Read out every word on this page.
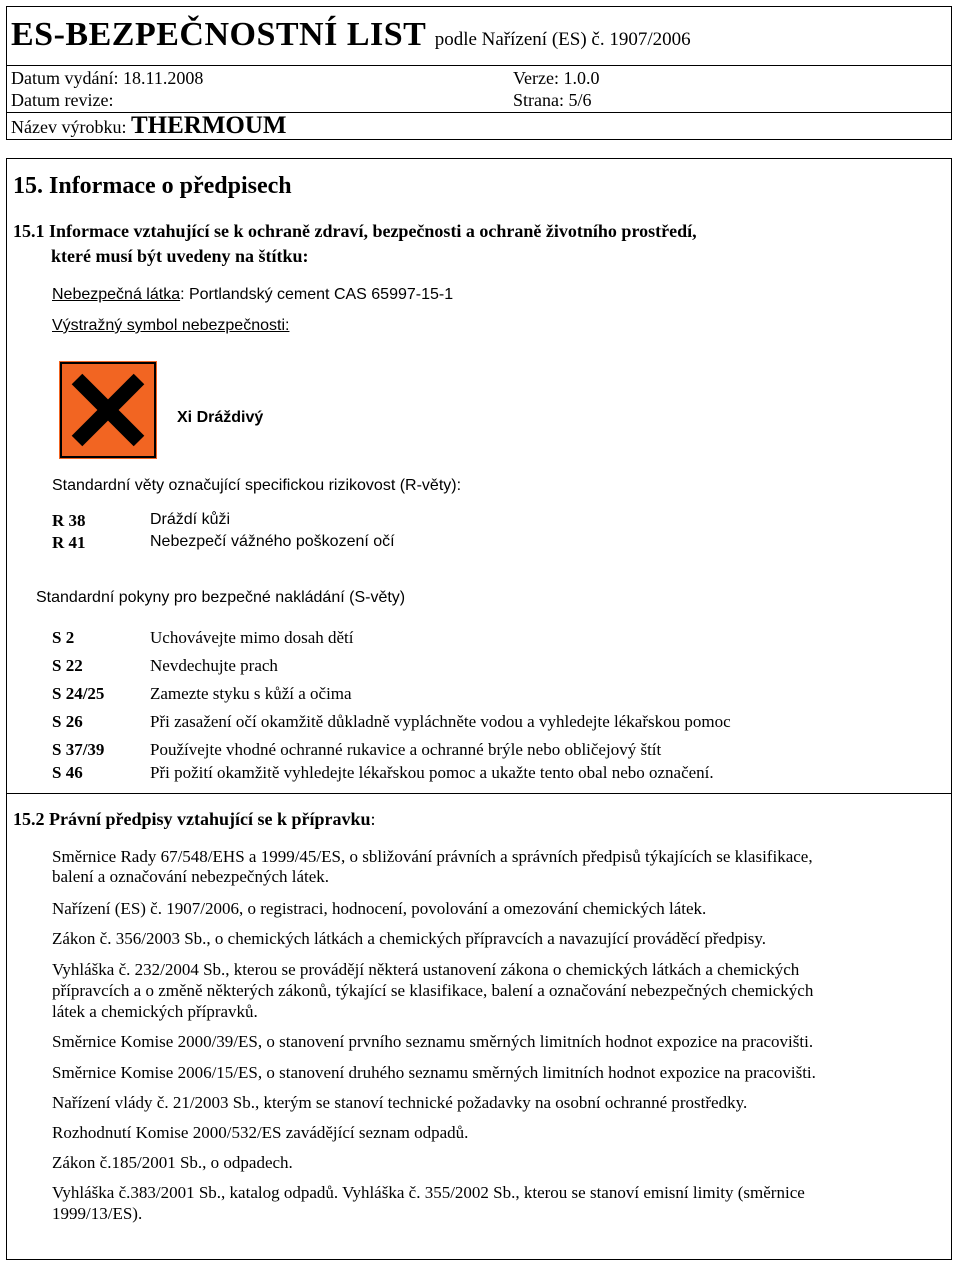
ES-BEZPEČNOSTNÍ LIST podle Nařízení (ES) č. 1907/2006
Datum vydání: 18.11.2008
Datum revize:
Verze: 1.0.0
Strana: 5/6
Název výrobku: THERMOUM
15. Informace o předpisech
15.1 Informace vztahující se k ochraně zdraví, bezpečnosti a ochraně životního prostředí,
které musí být uvedeny na štítku:
Nebezpečná látka: Portlandský cement CAS 65997-15-1
Výstražný symbol nebezpečnosti:
Xi Dráždivý
Standardní věty označující specifickou rizikovost (R-věty):
R 38	Dráždí kůži
R 41	Nebezpečí vážného poškození očí
Standardní pokyny pro bezpečné nakládání (S-věty)
S 2	Uchovávejte mimo dosah dětí
S 22	Nevdechujte prach
S 24/25	Zamezte styku s kůží a očima
S 26	Při zasažení očí okamžitě důkladně vypláchněte vodou a vyhledejte lékařskou pomoc
S 37/39	Používejte vhodné ochranné rukavice a ochranné brýle nebo obličejový štít
S 46	Při požití okamžitě vyhledejte lékařskou pomoc a ukažte tento obal nebo označení.
15.2 Právní předpisy vztahující se k přípravku:
Směrnice Rady 67/548/EHS a 1999/45/ES, o sbližování právních a správních předpisů týkajících se klasifikace,
balení a označování nebezpečných látek.
Nařízení (ES) č. 1907/2006, o registraci, hodnocení, povolování a omezování chemických látek.
Zákon č. 356/2003 Sb., o chemických látkách a chemických přípravcích a navazující prováděcí předpisy.
Vyhláška č. 232/2004 Sb., kterou se provádějí některá ustanovení zákona o chemických látkách a chemických
přípravcích a o změně některých zákonů, týkající se klasifikace, balení a označování nebezpečných chemických
látek a chemických přípravků.
Směrnice Komise 2000/39/ES, o stanovení prvního seznamu směrných limitních hodnot expozice na pracovišti.
Směrnice Komise 2006/15/ES, o stanovení druhého seznamu směrných limitních hodnot expozice na pracovišti.
Nařízení vlády č. 21/2003 Sb., kterým se stanoví technické požadavky na osobní ochranné prostředky.
Rozhodnutí Komise 2000/532/ES zavádějící seznam odpadů.
Zákon č.185/2001 Sb., o odpadech.
Vyhláška č.383/2001 Sb., katalog odpadů. Vyhláška č. 355/2002 Sb., kterou se stanoví emisní limity (směrnice
1999/13/ES).
